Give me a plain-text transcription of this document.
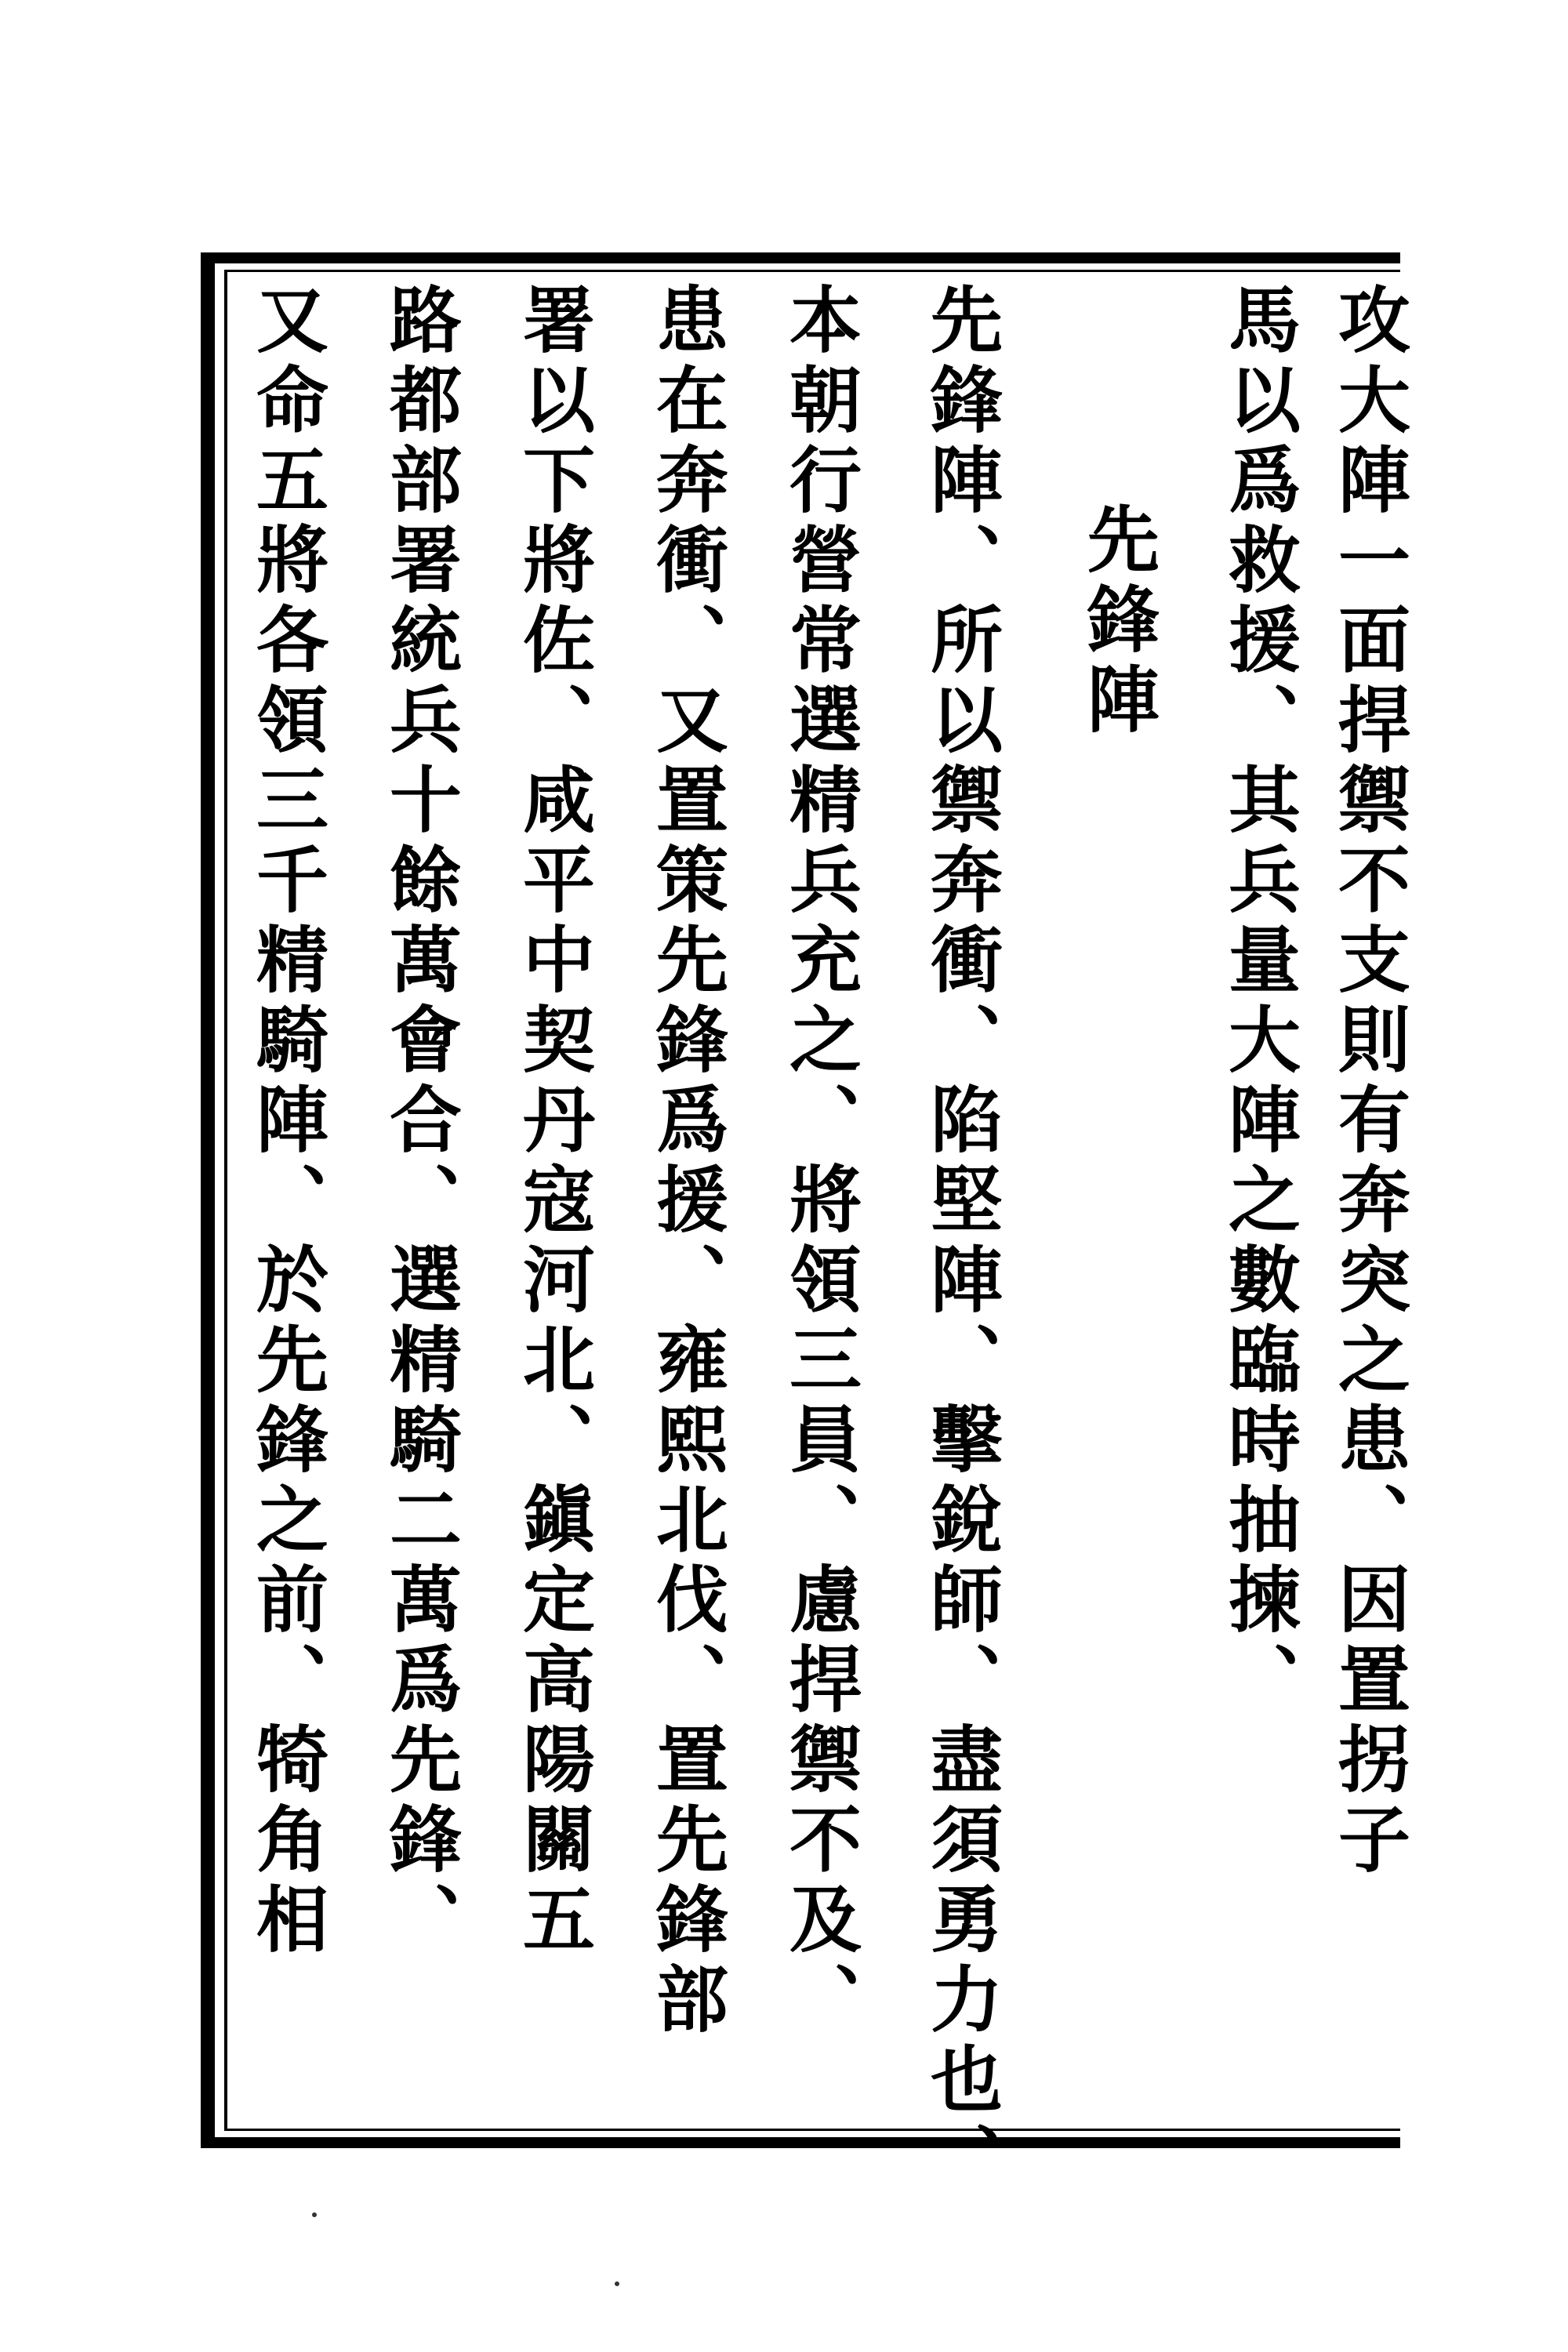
攻大陣一面捍禦不支則有奔突之患、因置拐子
馬以爲救援、其兵量大陣之數臨時抽揀、
先鋒陣
先鋒陣、所以禦奔衝、陷堅陣、擊銳師、盡須勇力也、
本朝行營常選精兵充之、將領三員、慮捍禦不及、
患在奔衝、又置策先鋒爲援、雍熙北伐、置先鋒部
署以下將佐、咸平中契丹寇河北、鎭定高陽關五
路都部署統兵十餘萬會合、選精騎二萬爲先鋒、
又命五將各領三千精騎陣、於先鋒之前、犄角相
